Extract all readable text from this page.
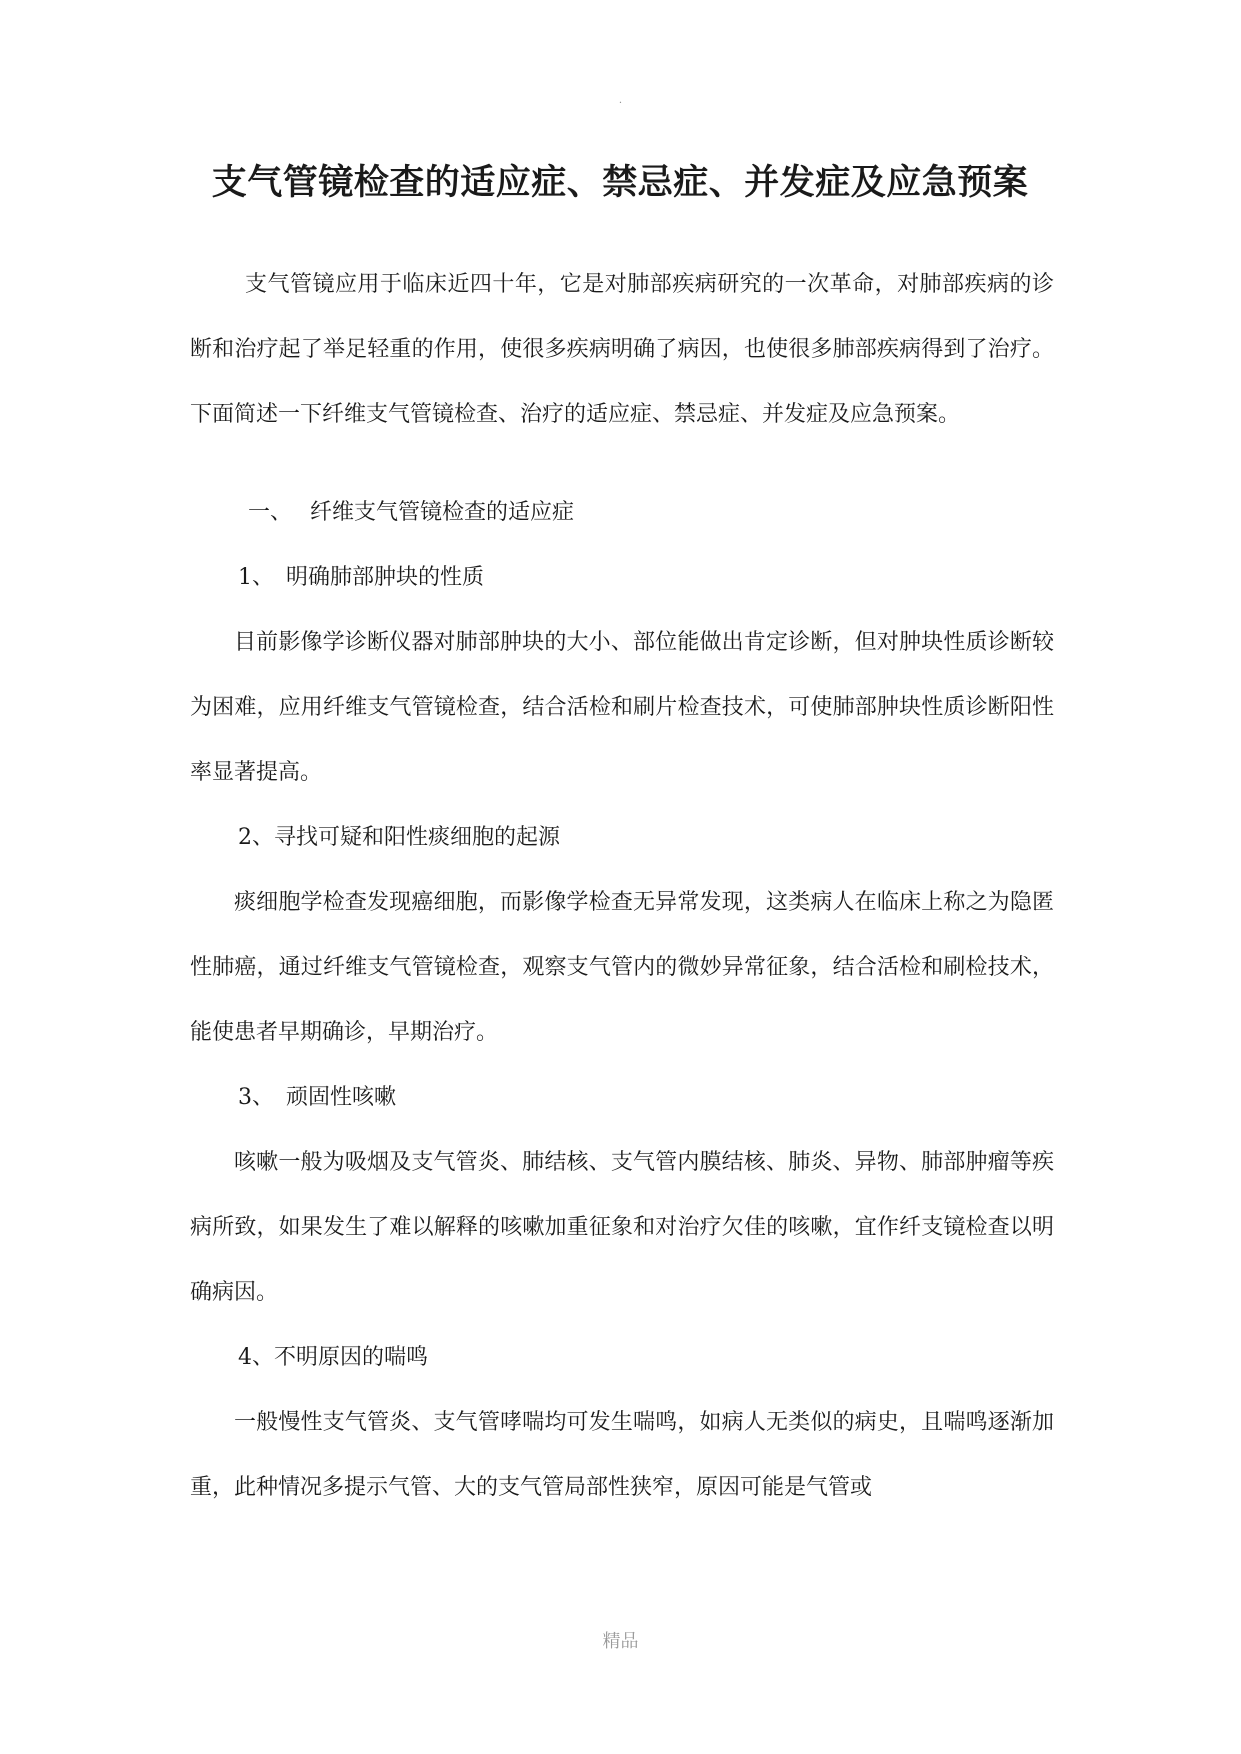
.
支气管镜检查的适应症、禁忌症、并发症及应急预案

支气管镜应用于临床近四十年，它是对肺部疾病研究的一次革命，对肺部疾病的诊断和治疗起了举足轻重的作用，使很多疾病明确了病因，也使很多肺部疾病得到了治疗。下面简述一下纤维支气管镜检查、治疗的适应症、禁忌症、并发症及应急预案。

一、 纤维支气管镜检查的适应症

1、 明确肺部肿块的性质

目前影像学诊断仪器对肺部肿块的大小、部位能做出肯定诊断，但对肿块性质诊断较为困难，应用纤维支气管镜检查，结合活检和刷片检查技术，可使肺部肿块性质诊断阳性率显著提高。

2、寻找可疑和阳性痰细胞的起源

痰细胞学检查发现癌细胞，而影像学检查无异常发现，这类病人在临床上称之为隐匿性肺癌，通过纤维支气管镜检查，观察支气管内的微妙异常征象，结合活检和刷检技术，能使患者早期确诊，早期治疗。

3、 顽固性咳嗽

咳嗽一般为吸烟及支气管炎、肺结核、支气管内膜结核、肺炎、异物、肺部肿瘤等疾病所致，如果发生了难以解释的咳嗽加重征象和对治疗欠佳的咳嗽，宜作纤支镜检查以明确病因。

4、不明原因的喘鸣

一般慢性支气管炎、支气管哮喘均可发生喘鸣，如病人无类似的病史，且喘鸣逐渐加重，此种情况多提示气管、大的支气管局部性狭窄，原因可能是气管或

精品
